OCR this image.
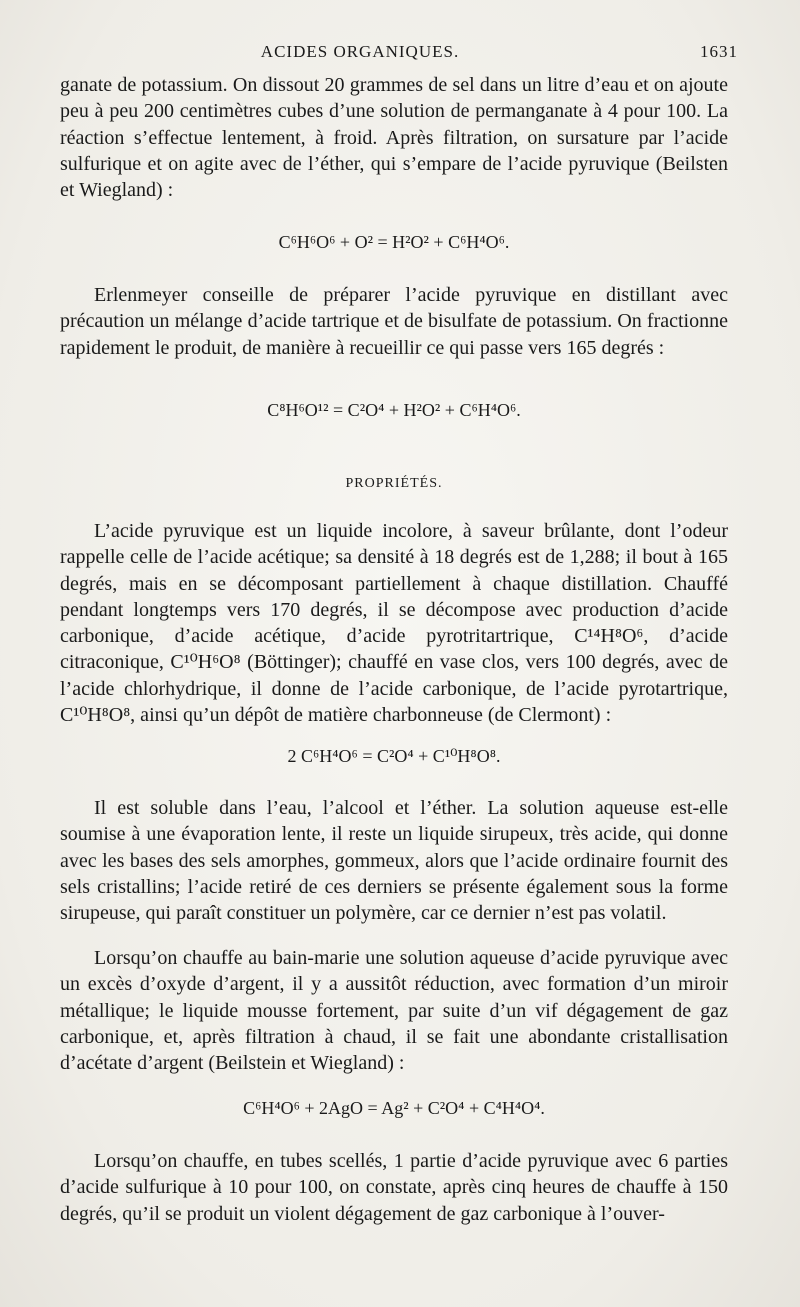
ACIDES ORGANIQUES.	1631

ganate de potassium. On dissout 20 grammes de sel dans un litre d’eau et on ajoute peu à peu 200 centimètres cubes d’une solution de permanganate à 4 pour 100. La réaction s’effectue lentement, à froid. Après filtration, on sursature par l’acide sulfurique et on agite avec de l’éther, qui s’empare de l’acide pyruvique (Beilsten et Wiegland) :

C⁶H⁶O⁶ + O² = H²O² + C⁶H⁴O⁶.

Erlenmeyer conseille de préparer l’acide pyruvique en distillant avec précaution un mélange d’acide tartrique et de bisulfate de potassium. On fractionne rapidement le produit, de manière à recueillir ce qui passe vers 165 degrés :

C⁸H⁶O¹² = C²O⁴ + H²O² + C⁶H⁴O⁶.
PROPRIÉTÉS.

L’acide pyruvique est un liquide incolore, à saveur brûlante, dont l’odeur rappelle celle de l’acide acétique; sa densité à 18 degrés est de 1,288; il bout à 165 degrés, mais en se décomposant partiellement à chaque distillation. Chauffé pendant longtemps vers 170 degrés, il se décompose avec production d’acide carbonique, d’acide acétique, d’acide pyrotritartrique, C¹⁴H⁸O⁶, d’acide citraconique, C¹⁰H⁶O⁸ (Böttinger); chauffé en vase clos, vers 100 degrés, avec de l’acide chlorhydrique, il donne de l’acide carbonique, de l’acide pyrotartrique, C¹⁰H⁸O⁸, ainsi qu’un dépôt de matière charbonneuse (de Clermont) :

2 C⁶H⁴O⁶ = C²O⁴ + C¹⁰H⁸O⁸.

Il est soluble dans l’eau, l’alcool et l’éther. La solution aqueuse est-elle soumise à une évaporation lente, il reste un liquide sirupeux, très acide, qui donne avec les bases des sels amorphes, gommeux, alors que l’acide ordinaire fournit des sels cristallins; l’acide retiré de ces derniers se présente également sous la forme sirupeuse, qui paraît constituer un polymère, car ce dernier n’est pas volatil.

Lorsqu’on chauffe au bain-marie une solution aqueuse d’acide pyruvique avec un excès d’oxyde d’argent, il y a aussitôt réduction, avec formation d’un miroir métallique; le liquide mousse fortement, par suite d’un vif dégagement de gaz carbonique, et, après filtration à chaud, il se fait une abondante cristallisation d’acétate d’argent (Beilstein et Wiegland) :

C⁶H⁴O⁶ + 2AgO = Ag² + C²O⁴ + C⁴H⁴O⁴.

Lorsqu’on chauffe, en tubes scellés, 1 partie d’acide pyruvique avec 6 parties d’acide sulfurique à 10 pour 100, on constate, après cinq heures de chauffe à 150 degrés, qu’il se produit un violent dégagement de gaz carbonique à l’ouver-
